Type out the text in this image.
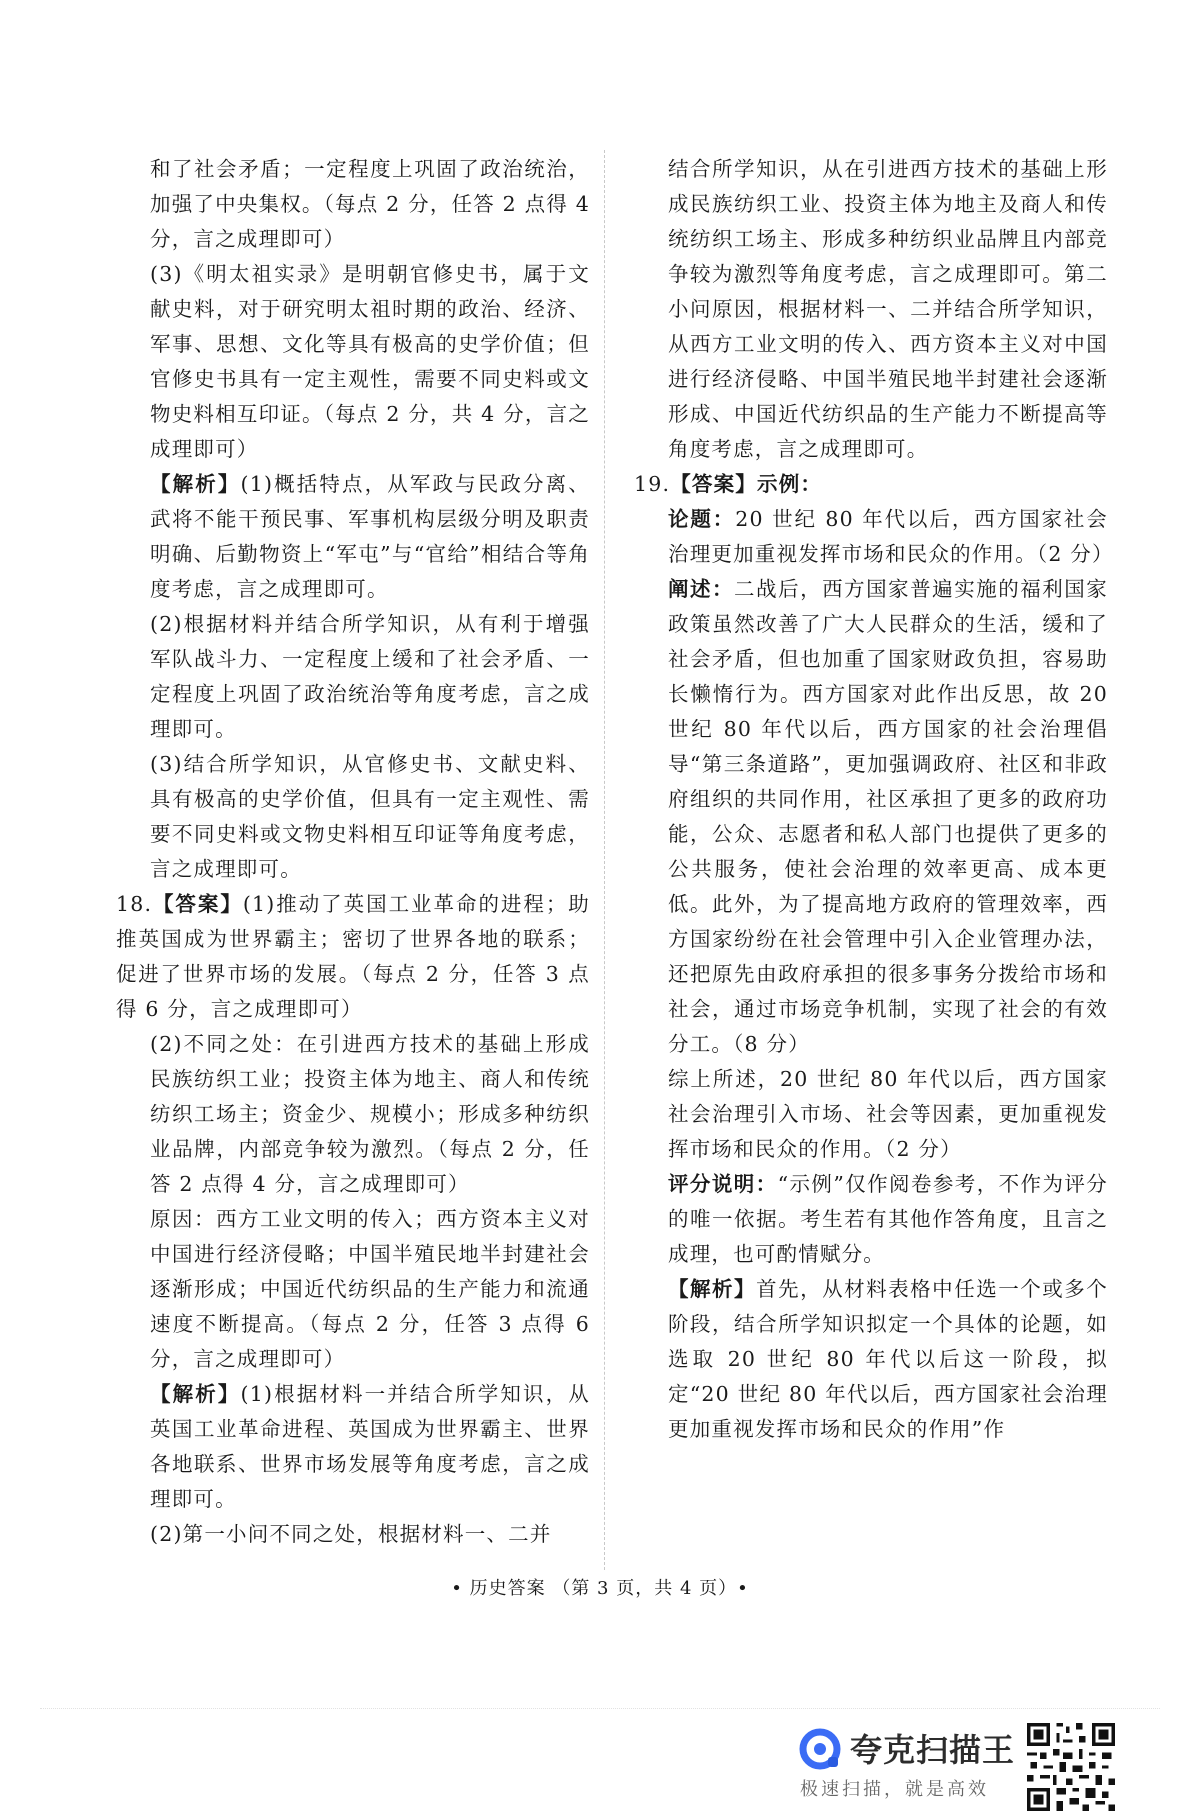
和了社会矛盾；一定程度上巩固了政治统治，加强了中央集权。（每点 2 分，任答 2 点得 4 分，言之成理即可）

(3)《明太祖实录》是明朝官修史书，属于文献史料，对于研究明太祖时期的政治、经济、军事、思想、文化等具有极高的史学价值；但官修史书具有一定主观性，需要不同史料或文物史料相互印证。（每点 2 分，共 4 分，言之成理即可）

【解析】(1)概括特点，从军政与民政分离、武将不能干预民事、军事机构层级分明及职责明确、后勤物资上“军屯”与“官给”相结合等角度考虑，言之成理即可。

(2)根据材料并结合所学知识，从有利于增强军队战斗力、一定程度上缓和了社会矛盾、一定程度上巩固了政治统治等角度考虑，言之成理即可。

(3)结合所学知识，从官修史书、文献史料、具有极高的史学价值，但具有一定主观性、需要不同史料或文物史料相互印证等角度考虑，言之成理即可。

18.【答案】(1)推动了英国工业革命的进程；助推英国成为世界霸主；密切了世界各地的联系；促进了世界市场的发展。（每点 2 分，任答 3 点得 6 分，言之成理即可）

(2)不同之处：在引进西方技术的基础上形成民族纺织工业；投资主体为地主、商人和传统纺织工场主；资金少、规模小；形成多种纺织业品牌，内部竞争较为激烈。（每点 2 分，任答 2 点得 4 分，言之成理即可）

原因：西方工业文明的传入；西方资本主义对中国进行经济侵略；中国半殖民地半封建社会逐渐形成；中国近代纺织品的生产能力和流通速度不断提高。（每点 2 分，任答 3 点得 6 分，言之成理即可）

【解析】(1)根据材料一并结合所学知识，从英国工业革命进程、英国成为世界霸主、世界各地联系、世界市场发展等角度考虑，言之成理即可。

(2)第一小问不同之处，根据材料一、二并

结合所学知识，从在引进西方技术的基础上形成民族纺织工业、投资主体为地主及商人和传统纺织工场主、形成多种纺织业品牌且内部竞争较为激烈等角度考虑，言之成理即可。第二小问原因，根据材料一、二并结合所学知识，从西方工业文明的传入、西方资本主义对中国进行经济侵略、中国半殖民地半封建社会逐渐形成、中国近代纺织品的生产能力不断提高等角度考虑，言之成理即可。

19.【答案】示例：

论题：20 世纪 80 年代以后，西方国家社会治理更加重视发挥市场和民众的作用。（2 分）

阐述：二战后，西方国家普遍实施的福利国家政策虽然改善了广大人民群众的生活，缓和了社会矛盾，但也加重了国家财政负担，容易助长懒惰行为。西方国家对此作出反思，故 20 世纪 80 年代以后，西方国家的社会治理倡导“第三条道路”，更加强调政府、社区和非政府组织的共同作用，社区承担了更多的政府功能，公众、志愿者和私人部门也提供了更多的公共服务，使社会治理的效率更高、成本更低。此外，为了提高地方政府的管理效率，西方国家纷纷在社会管理中引入企业管理办法，还把原先由政府承担的很多事务分拨给市场和社会，通过市场竞争机制，实现了社会的有效分工。（8 分）

综上所述，20 世纪 80 年代以后，西方国家社会治理引入市场、社会等因素，更加重视发挥市场和民众的作用。（2 分）

评分说明：“示例”仅作阅卷参考，不作为评分的唯一依据。考生若有其他作答角度，且言之成理，也可酌情赋分。

【解析】首先，从材料表格中任选一个或多个阶段，结合所学知识拟定一个具体的论题，如选取 20 世纪 80 年代以后这一阶段，拟定“20 世纪 80 年代以后，西方国家社会治理更加重视发挥市场和民众的作用”作

• 历史答案 （第 3 页，共 4 页）•
夸克扫描王
极速扫描，就是高效
